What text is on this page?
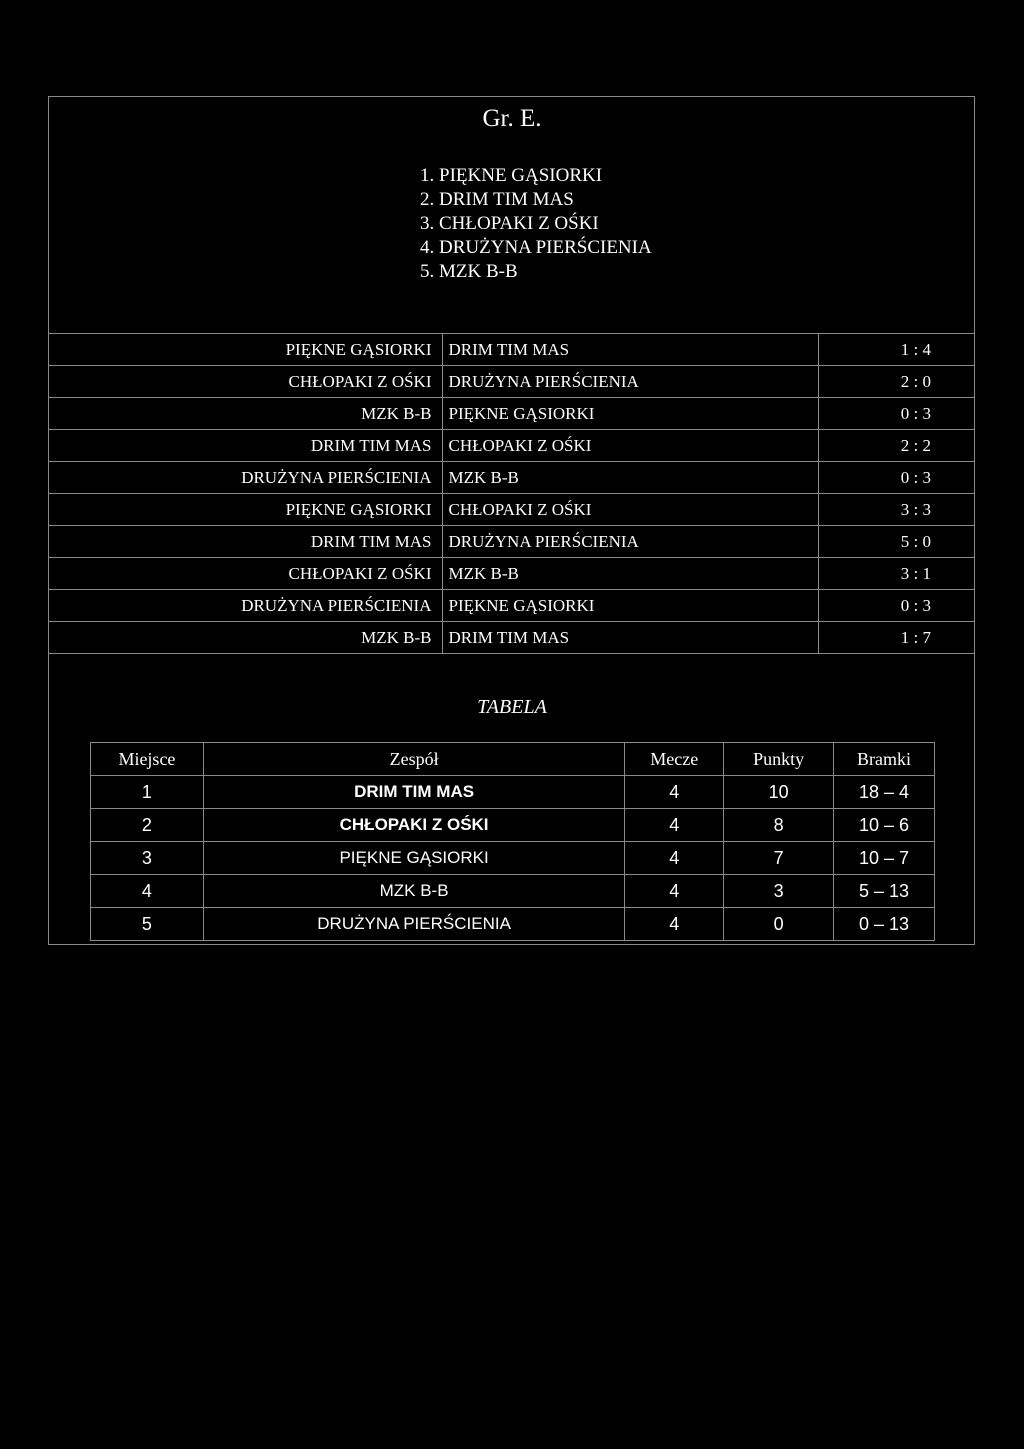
Gr. E.
1. PIĘKNE GĄSIORKI
2. DRIM TIM MAS
3. CHŁOPAKI Z OŚKI
4. DRUŻYNA PIERŚCIENIA
5. MZK B-B
PIĘKNE GĄSIORKI	DRIM TIM MAS	1 : 4
CHŁOPAKI Z OŚKI	DRUŻYNA PIERŚCIENIA	2 : 0
MZK B-B	PIĘKNE GĄSIORKI	0 : 3
DRIM TIM MAS	CHŁOPAKI Z OŚKI	2 : 2
DRUŻYNA PIERŚCIENIA	MZK B-B	0 : 3
PIĘKNE GĄSIORKI	CHŁOPAKI Z OŚKI	3 : 3
DRIM TIM MAS	DRUŻYNA PIERŚCIENIA	5 : 0
CHŁOPAKI Z OŚKI	MZK B-B	3 : 1
DRUŻYNA PIERŚCIENIA	PIĘKNE GĄSIORKI	0 : 3
MZK B-B	DRIM TIM MAS	1 : 7
TABELA
Miejsce	Zespół	Mecze	Punkty	Bramki
1	DRIM TIM MAS	4	10	18 – 4
2	CHŁOPAKI Z OŚKI	4	8	10 – 6
3	PIĘKNE GĄSIORKI	4	7	10 – 7
4	MZK B-B	4	3	5 – 13
5	DRUŻYNA PIERŚCIENIA	4	0	0 – 13
